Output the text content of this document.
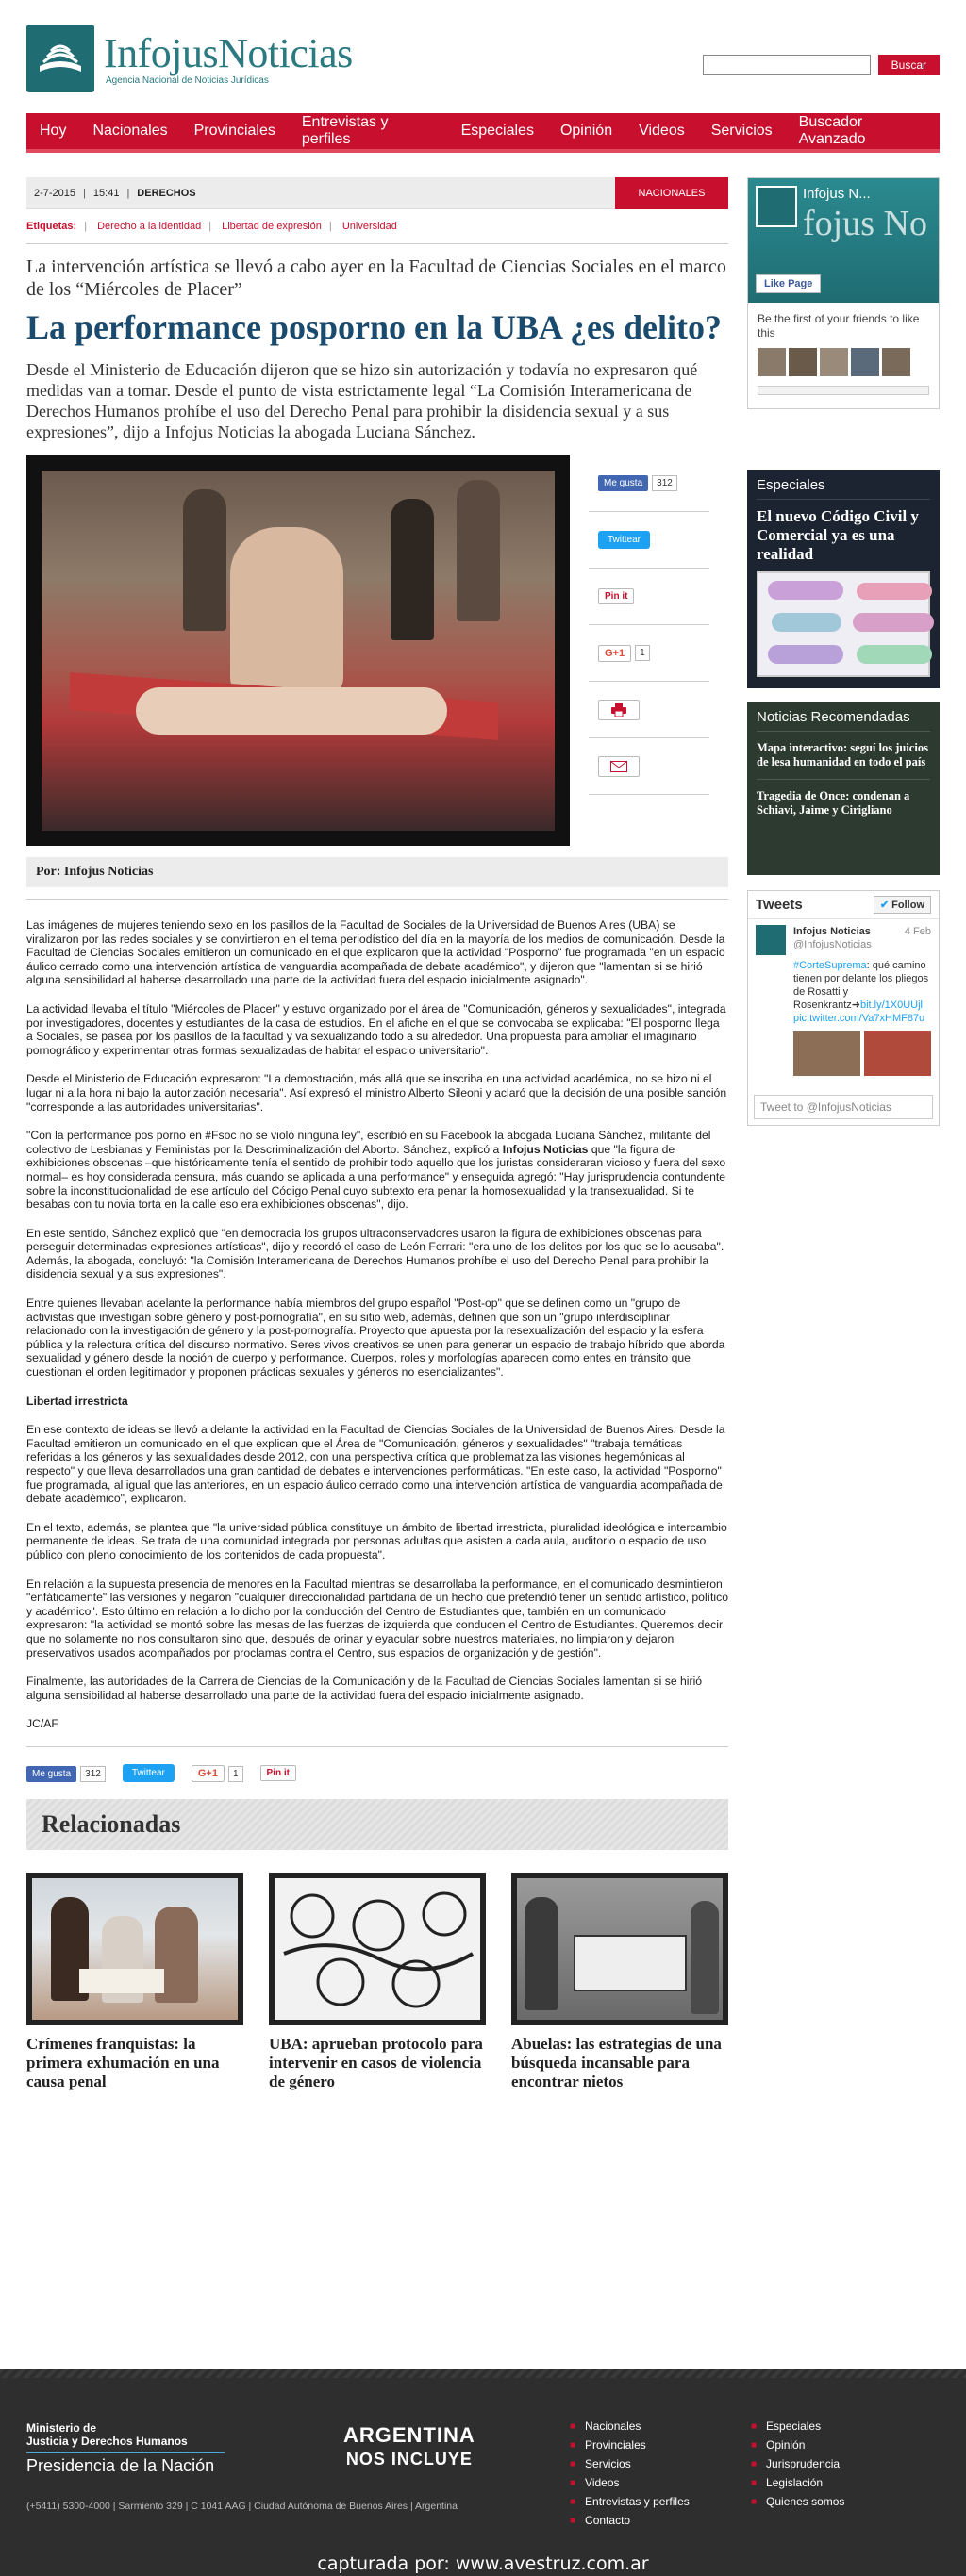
InfojusNoticias
Agencia Nacional de Noticias Jurídicas
Buscar
Hoy	Nacionales	Provinciales
Entrevistas y perfiles
Especiales	Opinión	Videos	Servicios
Buscador Avanzado
2-7-2015 | 15:41 | DERECHOS	NACIONALES
Etiquetas: | Derecho a la identidad | Libertad de expresión | Universidad
La intervención artística se llevó a cabo ayer en la Facultad de Ciencias Sociales en el marco de los “Miércoles de Placer”
La performance posporno en la UBA ¿es delito?
Desde el Ministerio de Educación dijeron que se hizo sin autorización y todavía no expresaron qué medidas van a tomar. Desde el punto de vista estrictamente legal “La Comisión Interamericana de Derechos Humanos prohíbe el uso del Derecho Penal para prohibir la disidencia sexual y a sus expresiones”, dijo a Infojus Noticias la abogada Luciana Sánchez.
Me gusta	312
Twittear
Pin it
G+1	1
Por: Infojus Noticias

Las imágenes de mujeres teniendo sexo en los pasillos de la Facultad de Sociales de la Universidad de Buenos Aires (UBA) se viralizaron por las redes sociales y se convirtieron en el tema periodístico del día en la mayoría de los medios de comunicación. Desde la Facultad de Ciencias Sociales emitieron un comunicado en el que explicaron que la actividad "Posporno" fue programada "en un espacio áulico cerrado como una intervención artística de vanguardia acompañada de debate académico", y dijeron que "lamentan si se hirió alguna sensibilidad al haberse desarrollado una parte de la actividad fuera del espacio inicialmente asignado".

La actividad llevaba el título "Miércoles de Placer" y estuvo organizado por el área de "Comunicación, géneros y sexualidades", integrada por investigadores, docentes y estudiantes de la casa de estudios. En el afiche en el que se convocaba se explicaba: "El posporno llega a Sociales, se pasea por los pasillos de la facultad y va sexualizando todo a su alrededor. Una propuesta para ampliar el imaginario pornográfico y experimentar otras formas sexualizadas de habitar el espacio universitario".

Desde el Ministerio de Educación expresaron: "La demostración, más allá que se inscriba en una actividad académica, no se hizo ni el lugar ni a la hora ni bajo la autorización necesaria". Así expresó el ministro Alberto Sileoni y aclaró que la decisión de una posible sanción "corresponde a las autoridades universitarias".

"Con la performance pos porno en #Fsoc no se violó ninguna ley", escribió en su Facebook la abogada Luciana Sánchez, militante del colectivo de Lesbianas y Feministas por la Descriminalización del Aborto. Sánchez, explicó a Infojus Noticias que "la figura de exhibiciones obscenas –que históricamente tenía el sentido de prohibir todo aquello que los juristas consideraran vicioso y fuera del sexo normal– es hoy considerada censura, más cuando se aplicada a una performance" y enseguida agregó: "Hay jurisprudencia contundente sobre la inconstitucionalidad de ese artículo del Código Penal cuyo subtexto era penar la homosexualidad y la transexualidad. Si te besabas con tu novia torta en la calle eso era exhibiciones obscenas", dijo.

En este sentido, Sánchez explicó que "en democracia los grupos ultraconservadores usaron la figura de exhibiciones obscenas para perseguir determinadas expresiones artísticas", dijo y recordó el caso de León Ferrari: "era uno de los delitos por los que se lo acusaba". Además, la abogada, concluyó: "la Comisión Interamericana de Derechos Humanos prohíbe el uso del Derecho Penal para prohibir la disidencia sexual y a sus expresiones".

Entre quienes llevaban adelante la performance había miembros del grupo español "Post-op" que se definen como un "grupo de activistas que investigan sobre género y post-pornografía", en su sitio web, además, definen que son un "grupo interdisciplinar relacionado con la investigación de género y la post-pornografía. Proyecto que apuesta por la resexualización del espacio y la esfera pública y la relectura crítica del discurso normativo. Seres vivos creativos se unen para generar un espacio de trabajo híbrido que aborda sexualidad y género desde la noción de cuerpo y performance. Cuerpos, roles y morfologías aparecen como entes en tránsito que cuestionan el orden legitimador y proponen prácticas sexuales y géneros no esencializantes".

Libertad irrestricta

En ese contexto de ideas se llevó a delante la actividad en la Facultad de Ciencias Sociales de la Universidad de Buenos Aires. Desde la Facultad emitieron un comunicado en el que explican que el Área de "Comunicación, géneros y sexualidades" "trabaja temáticas referidas a los géneros y las sexualidades desde 2012, con una perspectiva crítica que problematiza las visiones hegemónicas al respecto" y que lleva desarrollados una gran cantidad de debates e intervenciones performáticas. "En este caso, la actividad "Posporno" fue programada, al igual que las anteriores, en un espacio áulico cerrado como una intervención artística de vanguardia acompañada de debate académico", explicaron.

En el texto, además, se plantea que "la universidad pública constituye un ámbito de libertad irrestricta, pluralidad ideológica e intercambio permanente de ideas. Se trata de una comunidad integrada por personas adultas que asisten a cada aula, auditorio o espacio de uso público con pleno conocimiento de los contenidos de cada propuesta".

En relación a la supuesta presencia de menores en la Facultad mientras se desarrollaba la performance, en el comunicado desmintieron "enfáticamente" las versiones y negaron "cualquier direccionalidad partidaria de un hecho que pretendió tener un sentido artístico, político y académico". Esto último en relación a lo dicho por la conducción del Centro de Estudiantes que, también en un comunicado expresaron: "la actividad se montó sobre las mesas de las fuerzas de izquierda que conducen el Centro de Estudiantes. Queremos decir que no solamente no nos consultaron sino que, después de orinar y eyacular sobre nuestros materiales, no limpiaron y dejaron preservativos usados acompañados por proclamas contra el Centro, sus espacios de organización y de gestión".

Finalmente, las autoridades de la Carrera de Ciencias de la Comunicación y de la Facultad de Ciencias Sociales lamentan si se hirió alguna sensibilidad al haberse desarrollado una parte de la actividad fuera del espacio inicialmente asignado.

JC/AF

Me gusta 312	Twittear	G+1 1	Pin it
Relacionadas
Crímenes franquistas: la primera exhumación en una causa penal
UBA: aprueban protocolo para intervenir en casos de violencia de género
Abuelas: las estrategias de una búsqueda incansable para encontrar nietos
Infojus N...
fojus No
Like Page
Be the first of your friends to like this
Especiales
El nuevo Código Civil y Comercial ya es una realidad
Noticias Recomendadas
Mapa interactivo: seguí los juicios de lesa humanidad en todo el país
Tragedia de Once: condenan a Schiavi, Jaime y Cirigliano
Tweets	✔ Follow
Infojus Noticias	4 Feb
@InfojusNoticias
#CorteSuprema: qué camino tienen por delante los pliegos de Rosatti y Rosenkrantz➜bit.ly/1X0UUjl
pic.twitter.com/Va7xHMF87u
Tweet to @InfojusNoticias
Ministerio de
Justicia y Derechos Humanos
Presidencia de la Nación
ARGENTINA
NOS INCLUYE
(+5411) 5300-4000 | Sarmiento 329 | C 1041 AAG | Ciudad Autónoma de Buenos Aires | Argentina
■ Nacionales
■ Provinciales
■ Servicios
■ Videos
■ Entrevistas y perfiles
■ Contacto
■ Especiales
■ Opinión
■ Jurisprudencia
■ Legislación
■ Quienes somos
capturada por: www.avestruz.com.ar
